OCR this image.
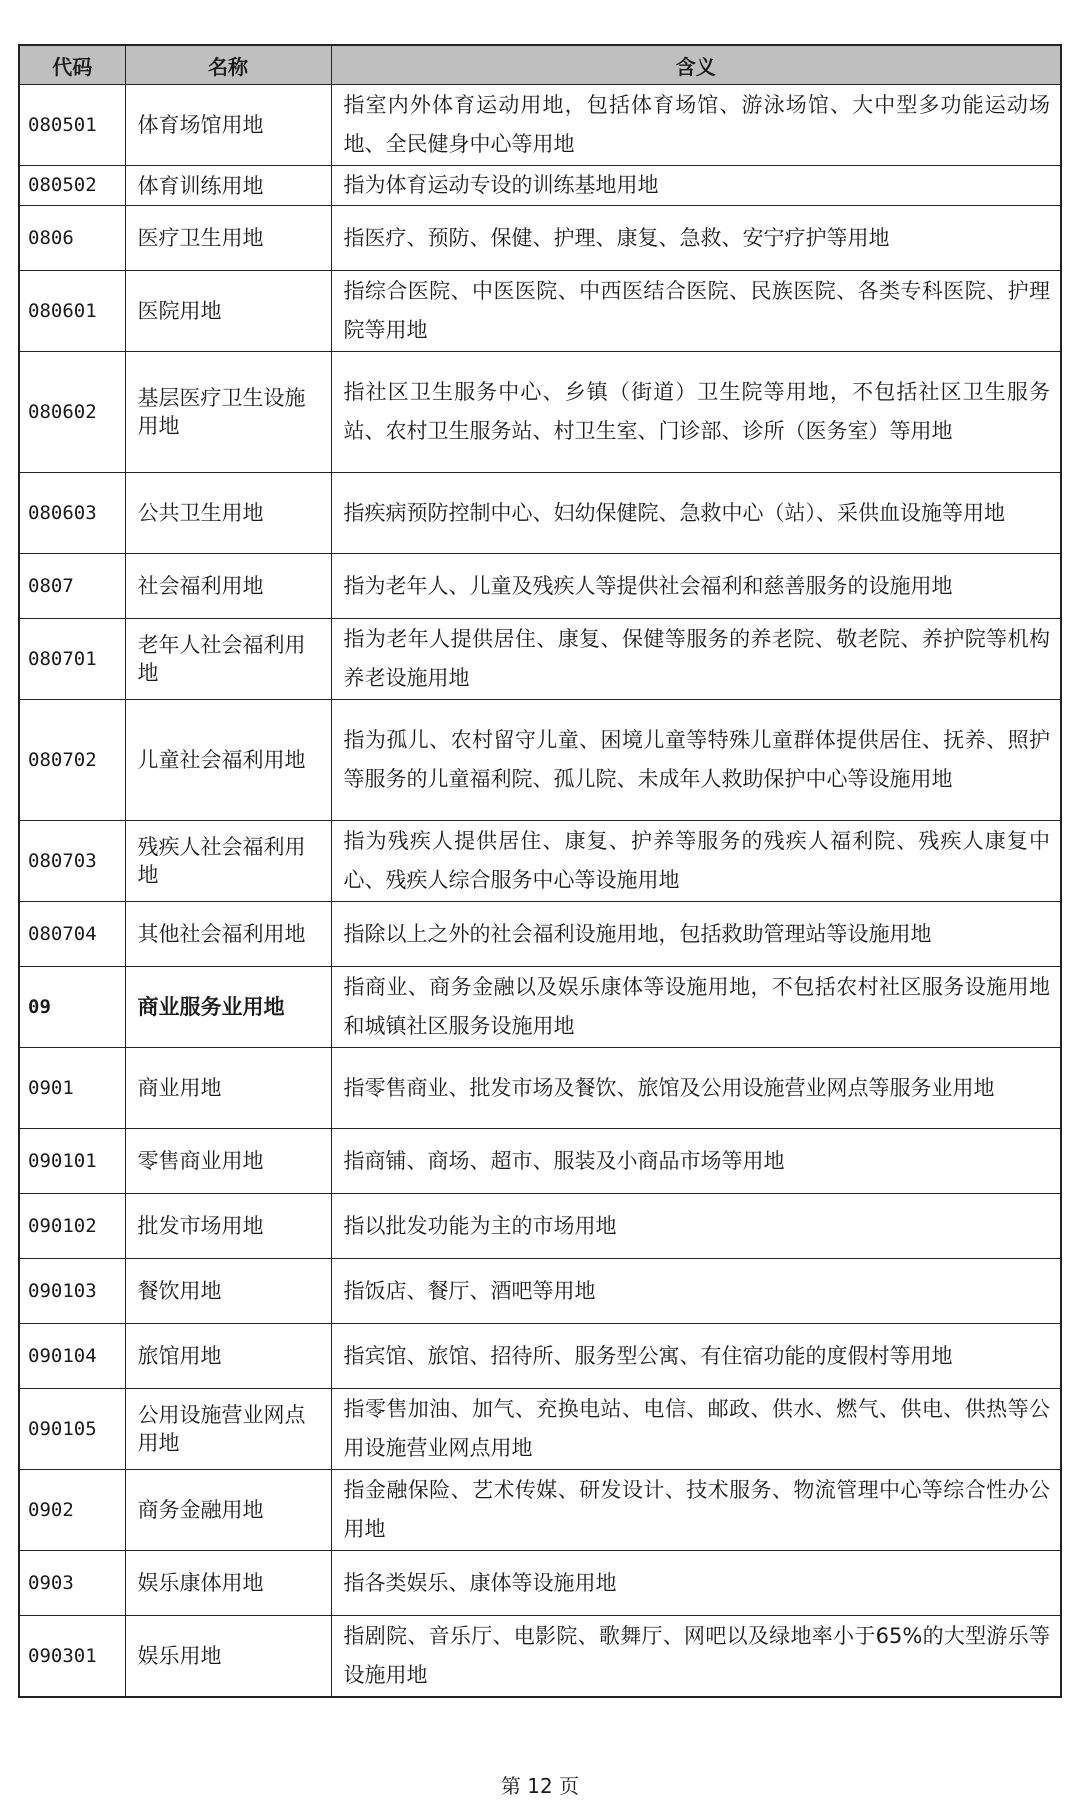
代码	名称	含义
080501	体育场馆用地	指室内外体育运动用地，包括体育场馆、游泳场馆、大中型多功能运动场地、全民健身中心等用地
080502	体育训练用地	指为体育运动专设的训练基地用地
0806	医疗卫生用地	指医疗、预防、保健、护理、康复、急救、安宁疗护等用地
080601	医院用地	指综合医院、中医医院、中西医结合医院、民族医院、各类专科医院、护理院等用地
080602	基层医疗卫生设施用地	指社区卫生服务中心、乡镇（街道）卫生院等用地，不包括社区卫生服务站、农村卫生服务站、村卫生室、门诊部、诊所（医务室）等用地
080603	公共卫生用地	指疾病预防控制中心、妇幼保健院、急救中心（站）、采供血设施等用地
0807	社会福利用地	指为老年人、儿童及残疾人等提供社会福利和慈善服务的设施用地
080701	老年人社会福利用地	指为老年人提供居住、康复、保健等服务的养老院、敬老院、养护院等机构养老设施用地
080702	儿童社会福利用地	指为孤儿、农村留守儿童、困境儿童等特殊儿童群体提供居住、抚养、照护等服务的儿童福利院、孤儿院、未成年人救助保护中心等设施用地
080703	残疾人社会福利用地	指为残疾人提供居住、康复、护养等服务的残疾人福利院、残疾人康复中心、残疾人综合服务中心等设施用地
080704	其他社会福利用地	指除以上之外的社会福利设施用地，包括救助管理站等设施用地
09	商业服务业用地	指商业、商务金融以及娱乐康体等设施用地，不包括农村社区服务设施用地和城镇社区服务设施用地
0901	商业用地	指零售商业、批发市场及餐饮、旅馆及公用设施营业网点等服务业用地
090101	零售商业用地	指商铺、商场、超市、服装及小商品市场等用地
090102	批发市场用地	指以批发功能为主的市场用地
090103	餐饮用地	指饭店、餐厅、酒吧等用地
090104	旅馆用地	指宾馆、旅馆、招待所、服务型公寓、有住宿功能的度假村等用地
090105	公用设施营业网点用地	指零售加油、加气、充换电站、电信、邮政、供水、燃气、供电、供热等公用设施营业网点用地
0902	商务金融用地	指金融保险、艺术传媒、研发设计、技术服务、物流管理中心等综合性办公用地
0903	娱乐康体用地	指各类娱乐、康体等设施用地
090301	娱乐用地	指剧院、音乐厅、电影院、歌舞厅、网吧以及绿地率小于65%的大型游乐等设施用地
第 12 页
